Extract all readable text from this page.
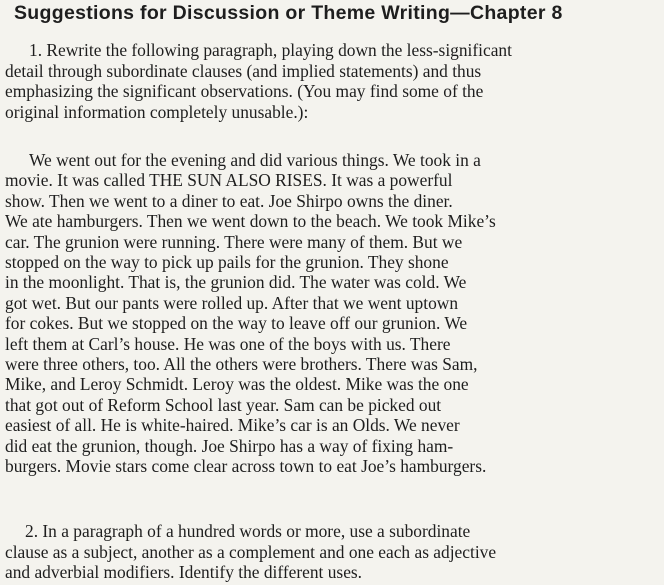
Suggestions for Discussion or Theme Writing—Chapter 8
1. Rewrite the following paragraph, playing down the less-significant
detail through subordinate clauses (and implied statements) and thus
emphasizing the significant observations. (You may find some of the
original information completely unusable.):
We went out for the evening and did various things. We took in a
movie. It was called THE SUN ALSO RISES. It was a powerful
show. Then we went to a diner to eat. Joe Shirpo owns the diner.
We ate hamburgers. Then we went down to the beach. We took Mike’s
car. The grunion were running. There were many of them. But we
stopped on the way to pick up pails for the grunion. They shone
in the moonlight. That is, the grunion did. The water was cold. We
got wet. But our pants were rolled up. After that we went uptown
for cokes. But we stopped on the way to leave off our grunion. We
left them at Carl’s house. He was one of the boys with us. There
were three others, too. All the others were brothers. There was Sam,
Mike, and Leroy Schmidt. Leroy was the oldest. Mike was the one
that got out of Reform School last year. Sam can be picked out
easiest of all. He is white-haired. Mike’s car is an Olds. We never
did eat the grunion, though. Joe Shirpo has a way of fixing ham-
burgers. Movie stars come clear across town to eat Joe’s hamburgers.
2. In a paragraph of a hundred words or more, use a subordinate
clause as a subject, another as a complement and one each as adjective
and adverbial modifiers. Identify the different uses.
